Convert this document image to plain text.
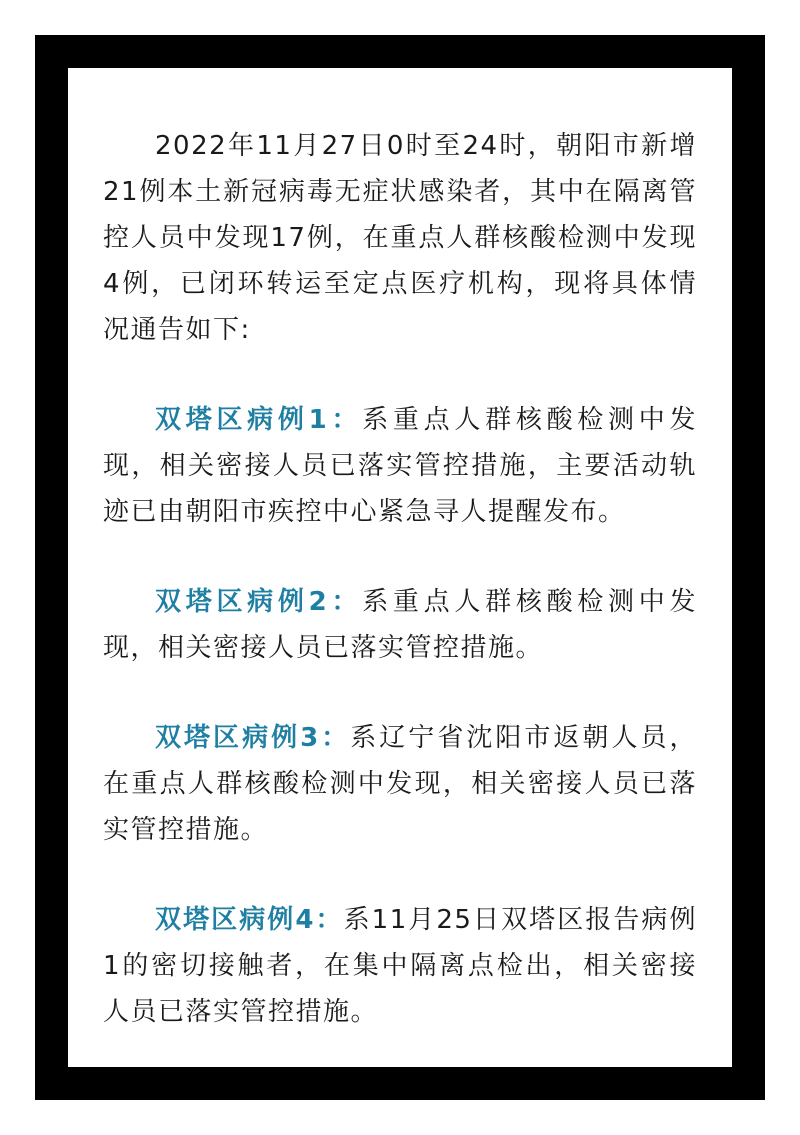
2022年11月27日0时至24时，朝阳市新增21例本土新冠病毒无症状感染者，其中在隔离管控人员中发现17例，在重点人群核酸检测中发现4例，已闭环转运至定点医疗机构，现将具体情况通告如下:

双塔区病例1：系重点人群核酸检测中发现，相关密接人员已落实管控措施，主要活动轨迹已由朝阳市疾控中心紧急寻人提醒发布。

双塔区病例2：系重点人群核酸检测中发现，相关密接人员已落实管控措施。

双塔区病例3：系辽宁省沈阳市返朝人员，在重点人群核酸检测中发现，相关密接人员已落实管控措施。

双塔区病例4：系11月25日双塔区报告病例1的密切接触者，在集中隔离点检出，相关密接人员已落实管控措施。
